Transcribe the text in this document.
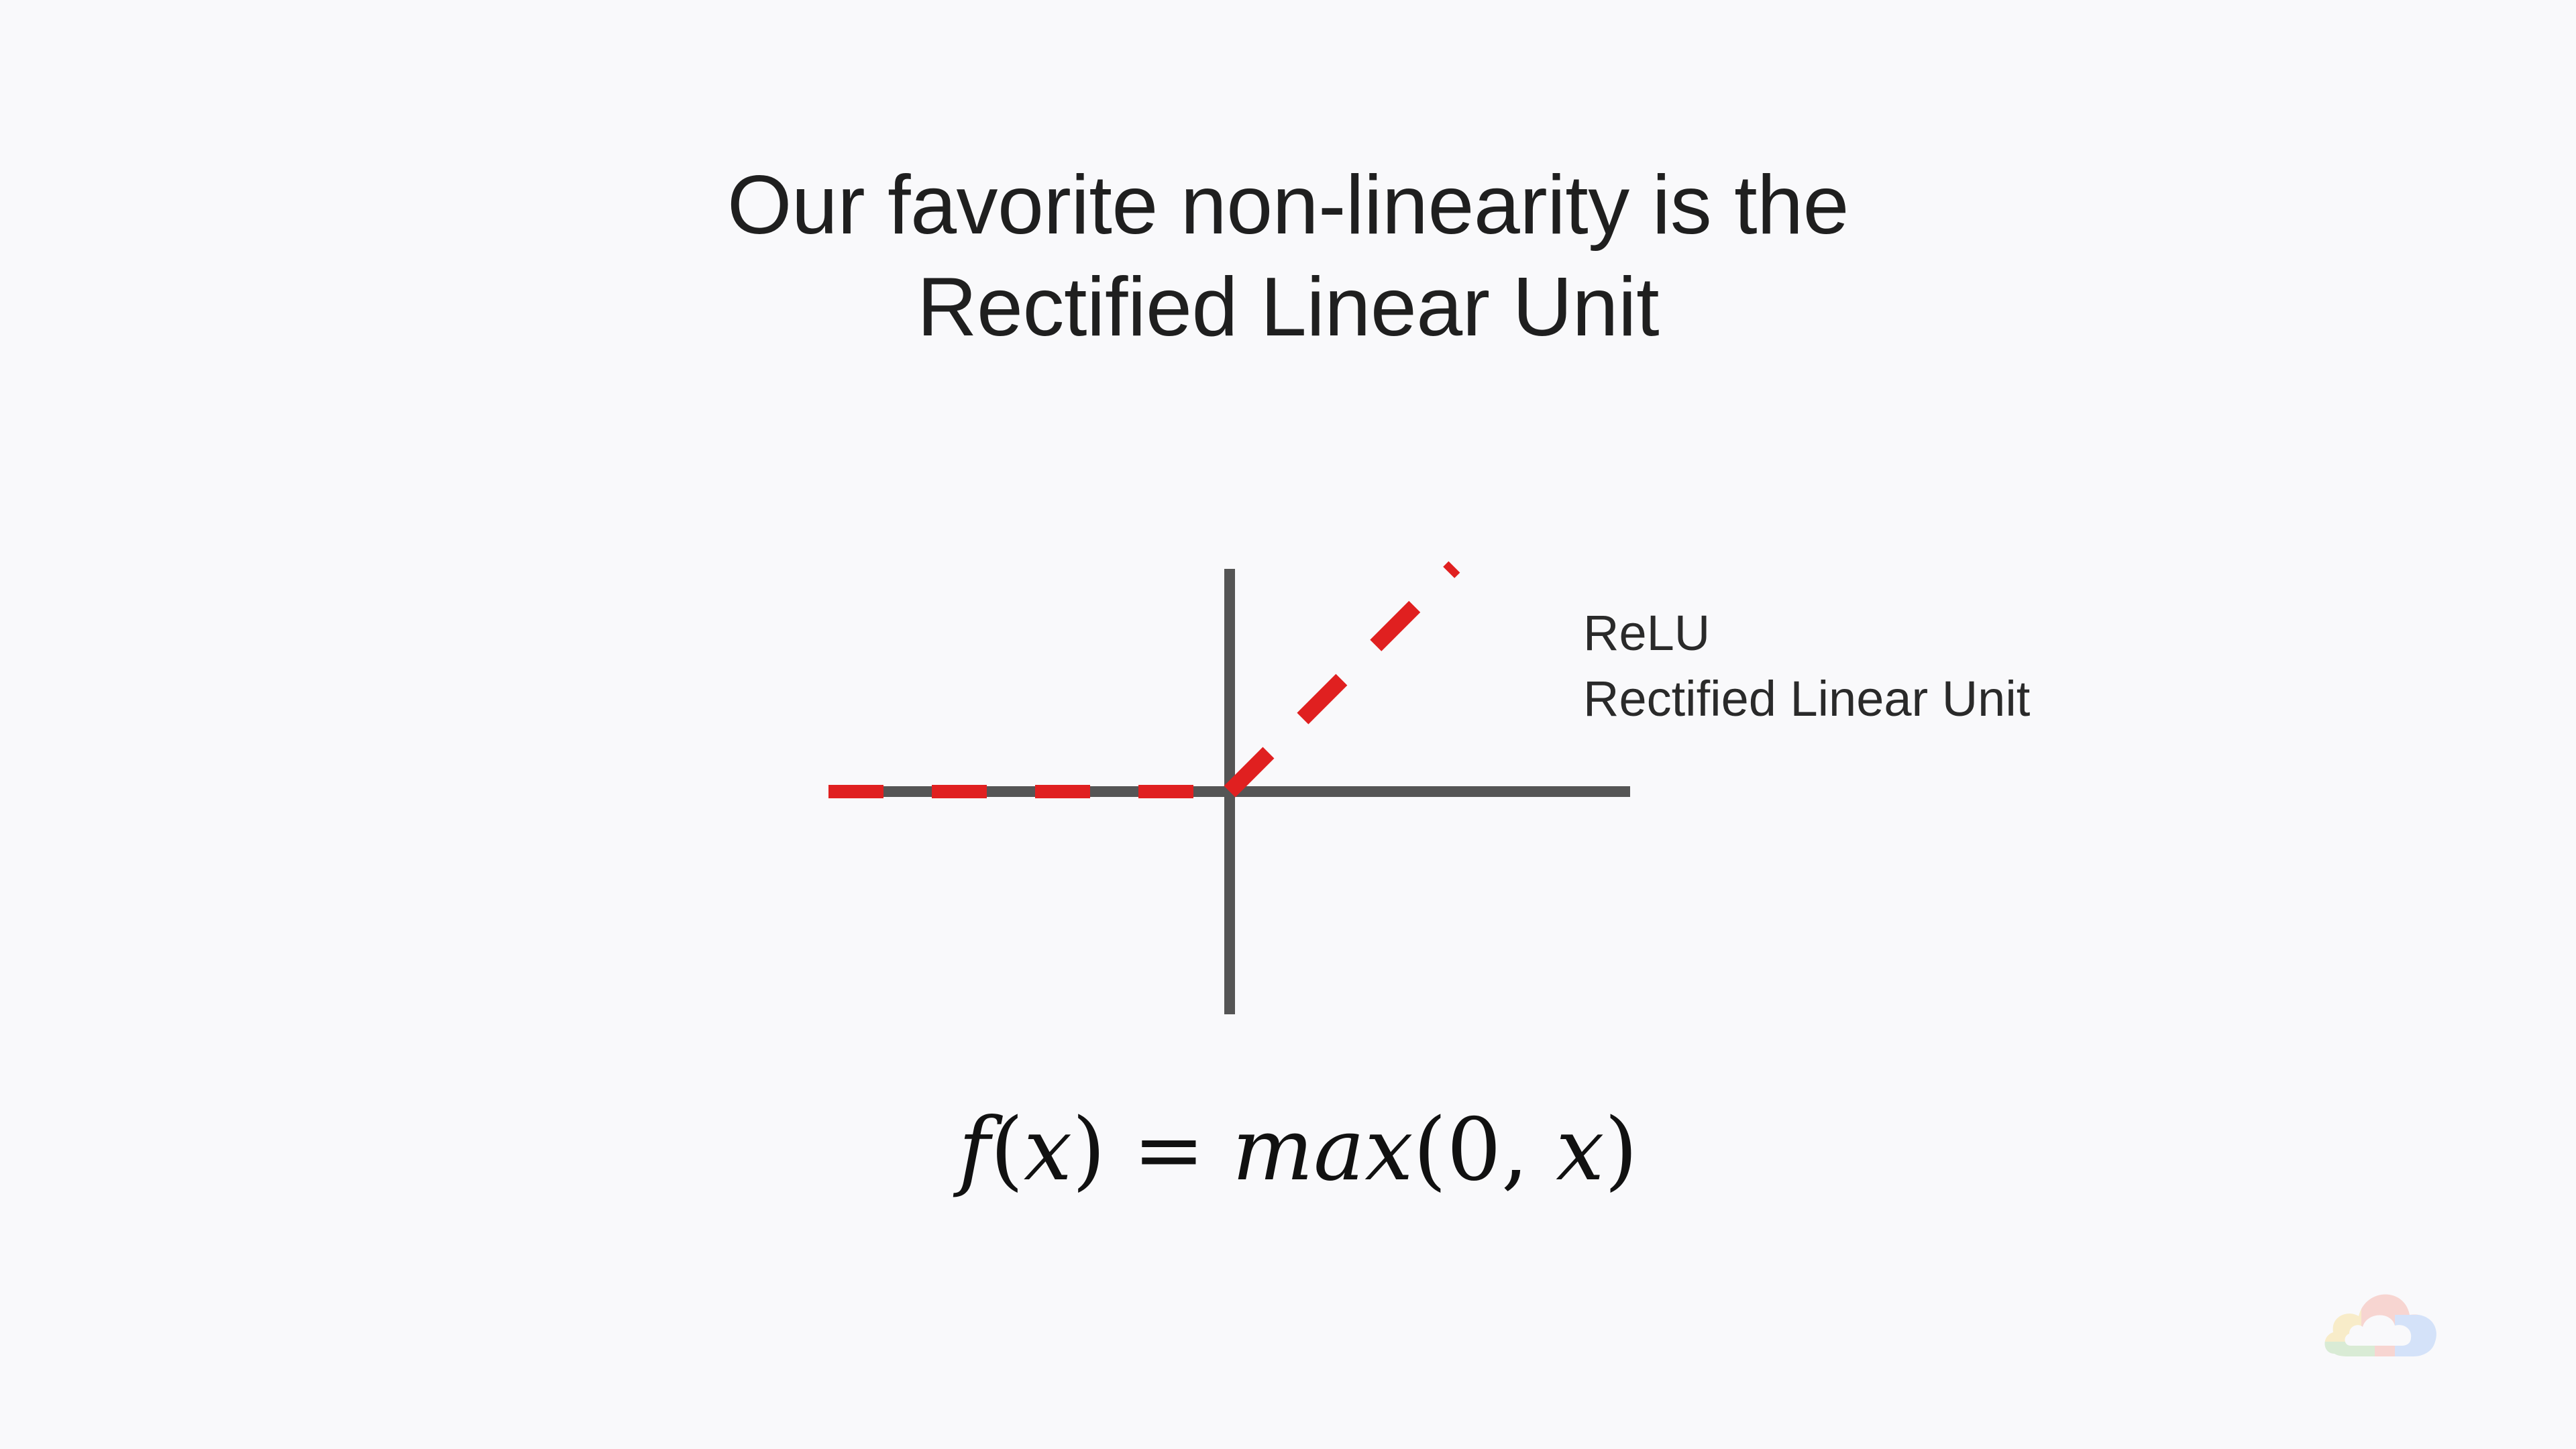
Our favorite non-linearity is the
Rectified Linear Unit
ReLU
Rectified Linear Unit
f(x) = max(0, x)
